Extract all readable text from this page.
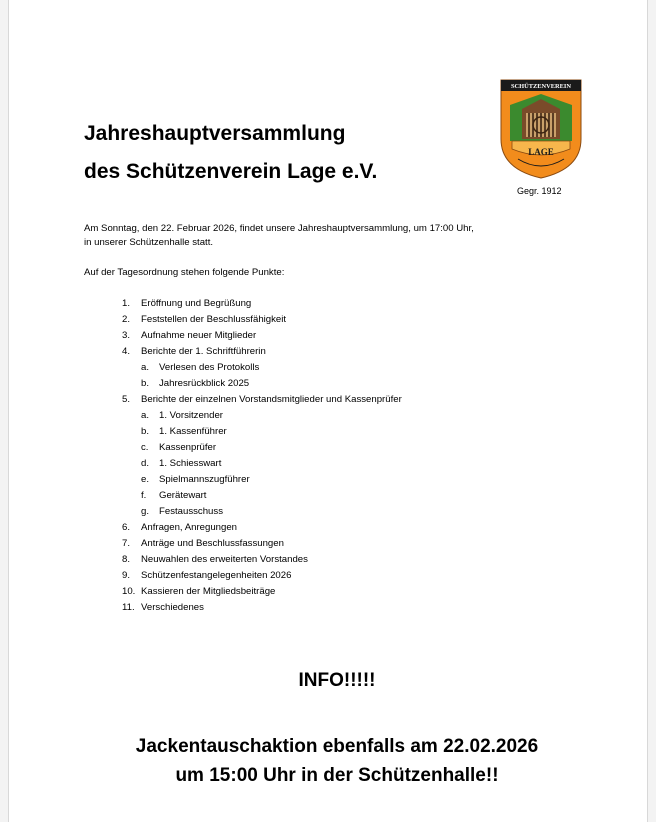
Jahreshauptversammlung
des Schützenverein Lage e.V.
SCHÜTZENVEREIN
LAGE
Gegr. 1912

Am Sonntag, den 22. Februar 2026, findet unsere Jahreshauptversammlung, um 17:00 Uhr,
in unserer Schützenhalle statt.

Auf der Tagesordnung stehen folgende Punkte:

1. Eröffnung und Begrüßung
2. Feststellen der Beschlussfähigkeit
3. Aufnahme neuer Mitglieder
4. Berichte der 1. Schriftführerin
a. Verlesen des Protokolls
b. Jahresrückblick 2025
5. Berichte der einzelnen Vorstandsmitglieder und Kassenprüfer
a. 1. Vorsitzender
b. 1. Kassenführer
c. Kassenprüfer
d. 1. Schiesswart
e. Spielmannszugführer
f. Gerätewart
g. Festausschuss
6. Anfragen, Anregungen
7. Anträge und Beschlussfassungen
8. Neuwahlen des erweiterten Vorstandes
9. Schützenfestangelegenheiten 2026
10. Kassieren der Mitgliedsbeiträge
11. Verschiedenes

INFO!!!!!

Jackentauschaktion ebenfalls am 22.02.2026

um 15:00 Uhr in der Schützenhalle!!
